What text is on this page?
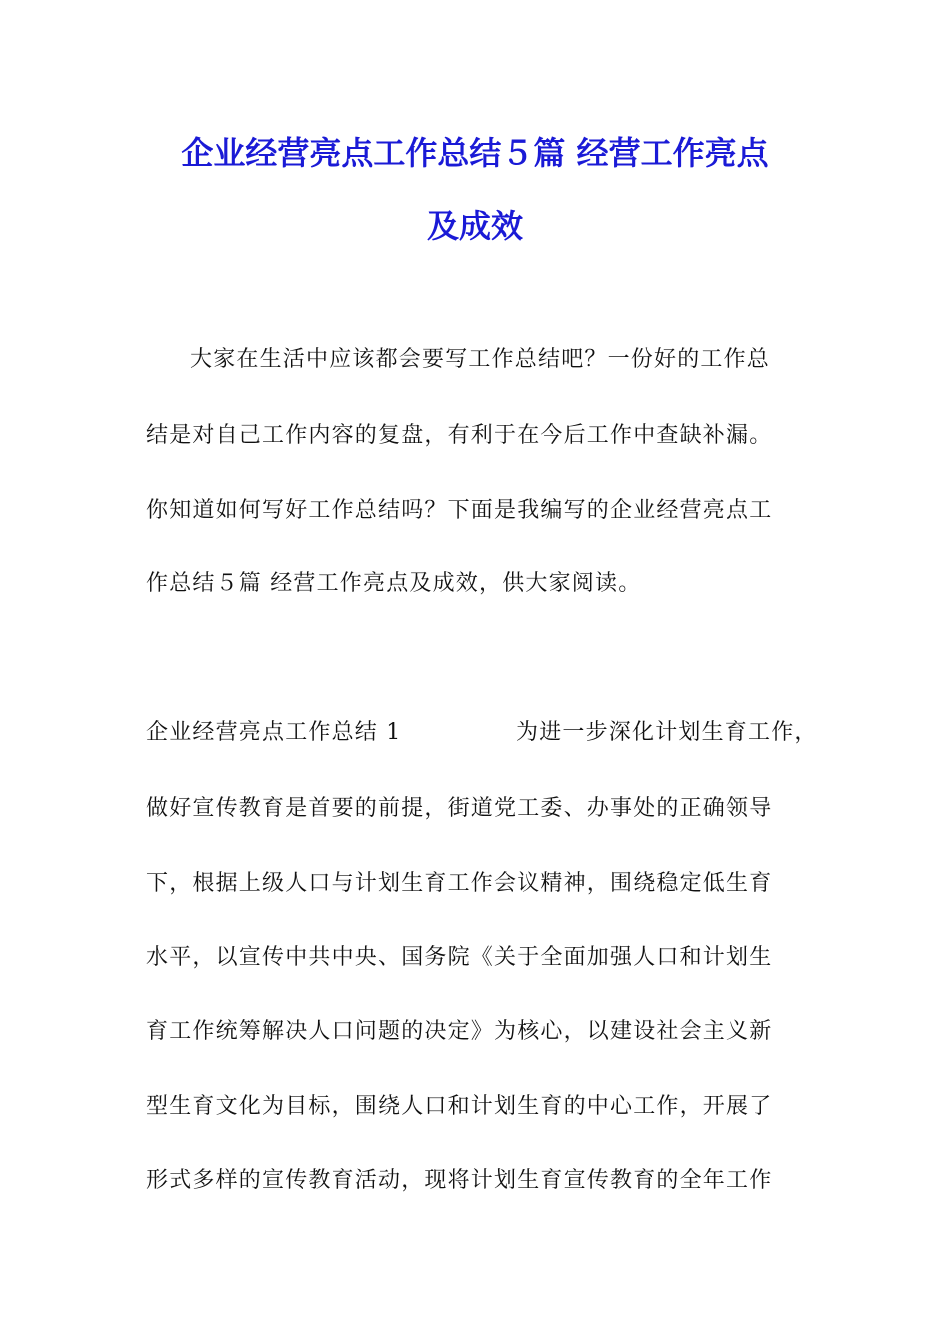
企业经营亮点工作总结５篇 经营工作亮点
及成效
大家在生活中应该都会要写工作总结吧？一份好的工作总
结是对自己工作内容的复盘，有利于在今后工作中查缺补漏。
你知道如何写好工作总结吗？下面是我编写的企业经营亮点工
作总结５篇 经营工作亮点及成效，供大家阅读。
企业经营亮点工作总结 1	为进一步深化计划生育工作，
做好宣传教育是首要的前提，街道党工委、办事处的正确领导
下，根据上级人口与计划生育工作会议精神，围绕稳定低生育
水平，以宣传中共中央、国务院《关于全面加强人口和计划生
育工作统筹解决人口问题的决定》为核心，以建设社会主义新
型生育文化为目标，围绕人口和计划生育的中心工作，开展了
形式多样的宣传教育活动，现将计划生育宣传教育的全年工作
